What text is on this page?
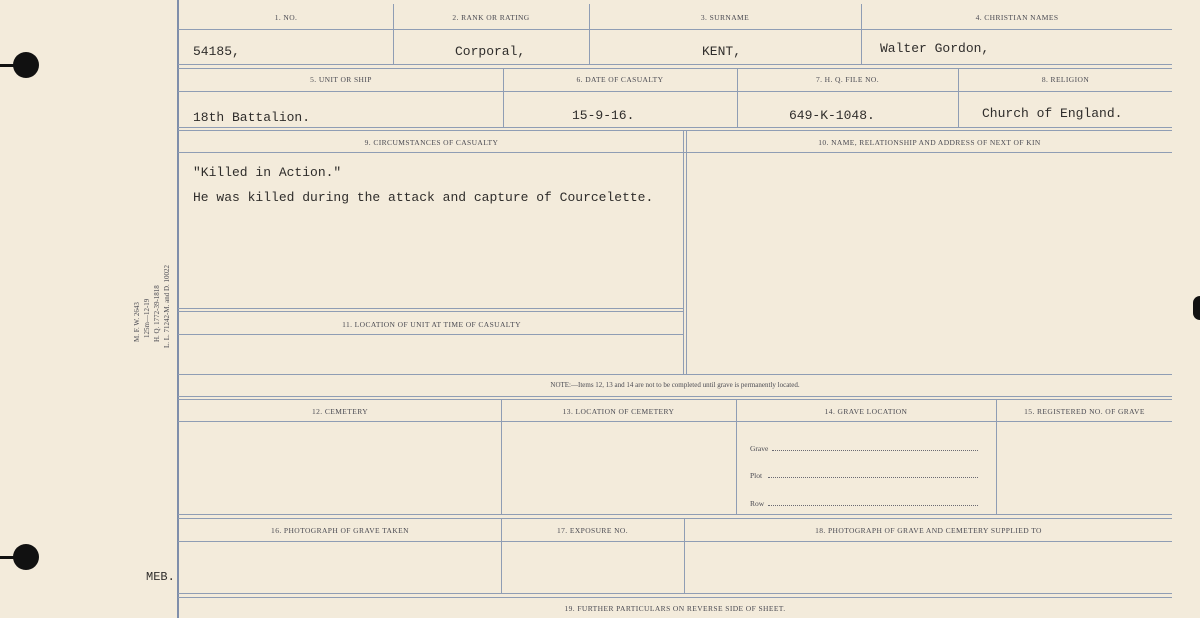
M. F. W. 2643 125m—12-19 H. Q. 1772-39-1818 L. L. 71242-M. and D. 10022
MEB.
1. NO.	2. RANK OR RATING	3. SURNAME	4. CHRISTIAN NAMES
54185,	Corporal,	KENT,	Walter Gordon,
5. UNIT OR SHIP	6. DATE OF CASUALTY	7. H. Q. FILE NO.	8. RELIGION
18th Battalion.	15-9-16.	649-K-1048.	Church of England.
9. CIRCUMSTANCES OF CASUALTY	10. NAME, RELATIONSHIP AND ADDRESS OF NEXT OF KIN
"Killed in Action."
He was killed during the attack and capture of Courcelette.
11. LOCATION OF UNIT AT TIME OF CASUALTY
NOTE:—Items 12, 13 and 14 are not to be completed until grave is permanently located.
12. CEMETERY	13. LOCATION OF CEMETERY	14. GRAVE LOCATION	15. REGISTERED NO. OF GRAVE
Grave
Plot
Row
16. PHOTOGRAPH OF GRAVE TAKEN	17. EXPOSURE NO.	18. PHOTOGRAPH OF GRAVE AND CEMETERY SUPPLIED TO
19. FURTHER PARTICULARS ON REVERSE SIDE OF SHEET.
